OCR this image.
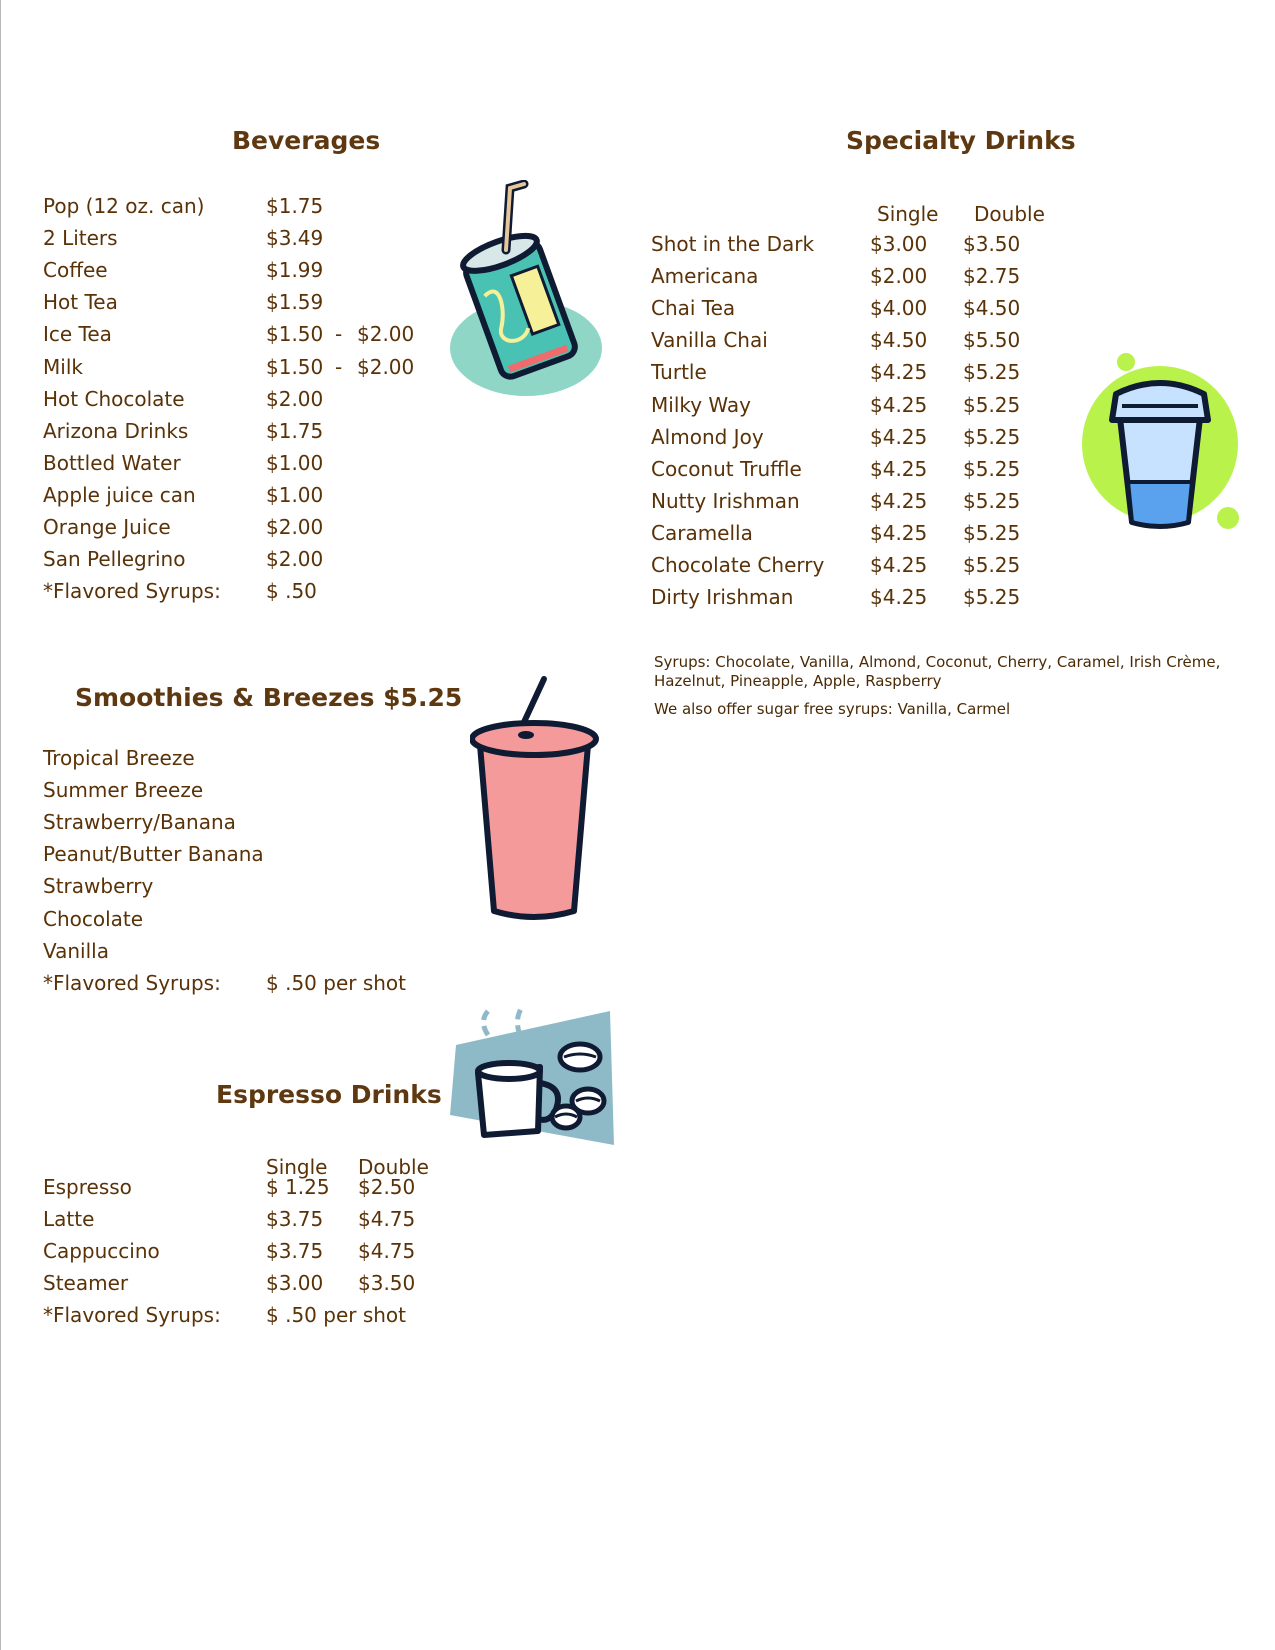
Beverages
Pop (12 oz. can)	$1.75
2 Liters	$3.49
Coffee	$1.99
Hot Tea	$1.59
Ice Tea	$1.50 - $2.00
Milk	$1.50 - $2.00
Hot Chocolate	$2.00
Arizona Drinks	$1.75
Bottled Water	$1.00
Apple juice can	$1.00
Orange Juice	$2.00
San Pellegrino	$2.00
*Flavored Syrups: $ .50
Smoothies & Breezes $5.25
Tropical Breeze
Summer Breeze
Strawberry/Banana
Peanut/Butter Banana
Strawberry
Chocolate
Vanilla
*Flavored Syrups: $ .50 per shot
Espresso Drinks
Single Double
Espresso	$ 1.25 $2.50
Latte	$3.75 $4.75
Cappuccino	$3.75 $4.75
Steamer	$3.00 $3.50
*Flavored Syrups: $ .50 per shot
Specialty Drinks
Single Double
Shot in the Dark	$3.00 $3.50
Americana	$2.00 $2.75
Chai Tea	$4.00 $4.50
Vanilla Chai	$4.50 $5.50
Turtle	$4.25 $5.25
Milky Way	$4.25 $5.25
Almond Joy	$4.25 $5.25
Coconut Truffle	$4.25 $5.25
Nutty Irishman	$4.25 $5.25
Caramella	$4.25 $5.25
Chocolate Cherry $4.25 $5.25
Dirty Irishman	$4.25 $5.25
Syrups: Chocolate, Vanilla, Almond, Coconut, Cherry, Caramel, Irish Crème,
Hazelnut, Pineapple, Apple, Raspberry
We also offer sugar free syrups: Vanilla, Carmel
